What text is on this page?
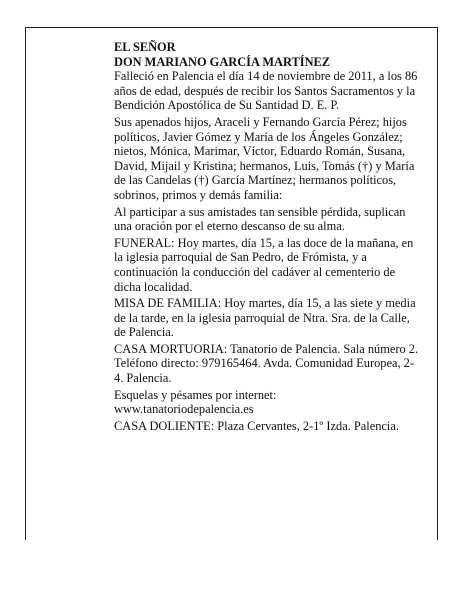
EL SEÑOR

DON MARIANO GARCÍA MARTÍNEZ

Falleció en Palencia el día 14 de noviembre de 2011, a los 86 años de edad, después de recibir los Santos Sacramentos y la Bendición Apostólica de Su Santidad D. E. P.

Sus apenados hijos, Araceli y Fernando García Pérez; hijos políticos, Javier Gómez y María de los Ángeles González; nietos, Mónica, Marimar, Víctor, Eduardo Román, Susana, David, Mijail y Kristina; hermanos, Luis, Tomás (†) y María de las Candelas (†) García Martínez; hermanos políticos, sobrinos, primos y demás familia:

Al participar a sus amistades tan sensible pérdida, suplican una oración por el eterno descanso de su alma.

FUNERAL: Hoy martes, día 15, a las doce de la mañana, en la iglesia parroquial de San Pedro, de Frómista, y a continuación la conducción del cadáver al cementerio de dicha localidad.

MISA DE FAMILIA: Hoy martes, día 15, a las siete y media de la tarde, en la iglesia parroquial de Ntra. Sra. de la Calle, de Palencia.

CASA MORTUORIA: Tanatorio de Palencia. Sala número 2. Teléfono directo: 979165464. Avda. Comunidad Europea, 2-4. Palencia.

Esquelas y pésames por internet: www.tanatoriodepalencia.es

CASA DOLIENTE: Plaza Cervantes, 2-1º Izda. Palencia.
